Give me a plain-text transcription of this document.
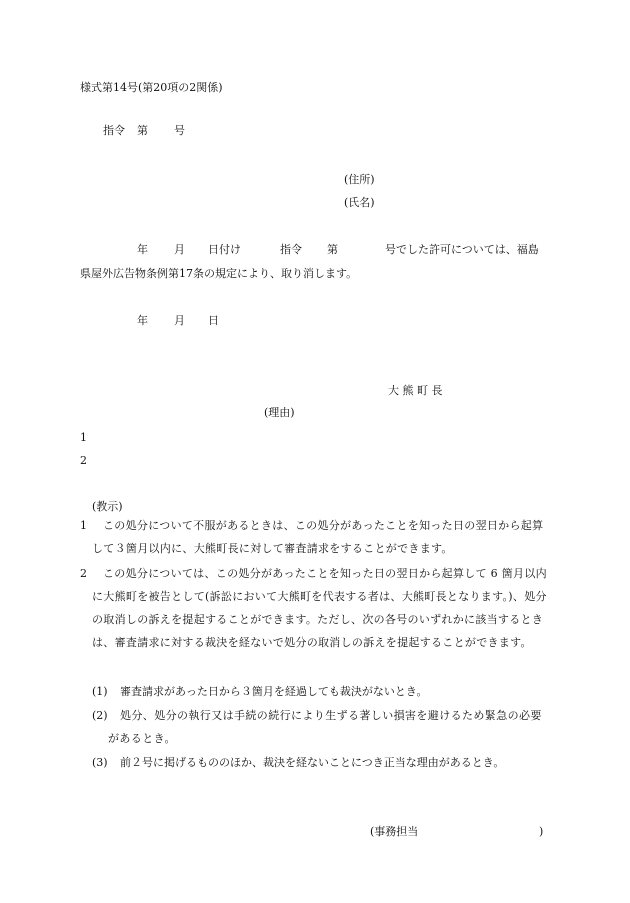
様式第14号(第20項の2関係)
指令 第 号
(住所)
(氏名)
年 月 日付け	指令 第	号でした許可については、福島
県屋外広告物条例第17条の規定により、取り消します。
年 月 日
大 熊 町 長
(理由)
1
2
(教示)
1	この処分について不服があるときは、この処分があったことを知った日の翌日から起算して３箇月以内に、大熊町長に対して審査請求をすることができます。

2	この処分については、この処分があったことを知った日の翌日から起算して 6 箇月以内に大熊町を被告として(訴訟において大熊町を代表する者は、大熊町長となります。)、処分の取消しの訴えを提起することができます。ただし、次の各号のいずれかに該当するときは、審査請求に対する裁決を経ないで処分の取消しの訴えを提起することができます。

(1) 審査請求があった日から３箇月を経過しても裁決がないとき。
(2)	処分、処分の執行又は手続の続行により生ずる著しい損害を避けるため緊急の必要があるとき。

(3) 前２号に掲げるもののほか、裁決を経ないことにつき正当な理由があるとき。
(事務担当	)
